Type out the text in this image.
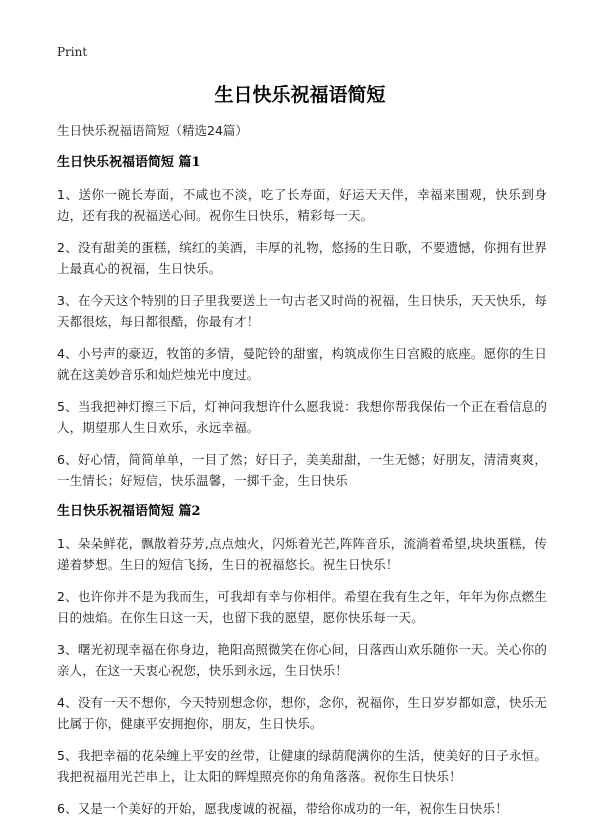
Print
生日快乐祝福语简短

生日快乐祝福语简短（精选24篇）

生日快乐祝福语简短 篇1

1、送你一碗长寿面，不咸也不淡，吃了长寿面，好运天天伴，幸福来围观，快乐到身边，还有我的祝福送心间。祝你生日快乐，精彩每一天。

2、没有甜美的蛋糕，缤红的美酒，丰厚的礼物，悠扬的生日歌，不要遗憾，你拥有世界上最真心的祝福，生日快乐。

3、在今天这个特别的日子里我要送上一句古老又时尚的祝福，生日快乐，天天快乐，每天都很炫，每日都很酷，你最有才！

4、小号声的豪迈，牧笛的多情，曼陀铃的甜蜜，构筑成你生日宫殿的底座。愿你的生日就在这美妙音乐和灿烂烛光中度过。

5、当我把神灯擦三下后，灯神问我想许什么愿我说：我想你帮我保佑一个正在看信息的人，期望那人生日欢乐，永远幸福。

6、好心情，简简单单，一目了然；好日子，美美甜甜，一生无憾；好朋友，清清爽爽，一生情长；好短信，快乐温馨，一掷千金，生日快乐

生日快乐祝福语简短 篇2

1、朵朵鲜花，飘散着芬芳,点点烛火，闪烁着光芒,阵阵音乐，流淌着希望,块块蛋糕，传递着梦想。生日的短信飞扬，生日的祝福悠长。祝生日快乐！

2、也许你并不是为我而生，可我却有幸与你相伴。希望在我有生之年，年年为你点燃生日的烛焰。在你生日这一天，也留下我的愿望，愿你快乐每一天。

3、曙光初现幸福在你身边，艳阳高照微笑在你心间，日落西山欢乐随你一天。关心你的亲人，在这一天衷心祝您，快乐到永远，生日快乐！

4、没有一天不想你，今天特别想念你，想你，念你，祝福你，生日岁岁都如意，快乐无比属于你，健康平安拥抱你，朋友，生日快乐。

5、我把幸福的花朵缠上平安的丝带，让健康的绿荫爬满你的生活，使美好的日子永恒。我把祝福用光芒串上，让太阳的辉煌照亮你的角角落落。祝你生日快乐！

6、又是一个美好的开始，愿我虔诚的祝福，带给你成功的一年，祝你生日快乐！
